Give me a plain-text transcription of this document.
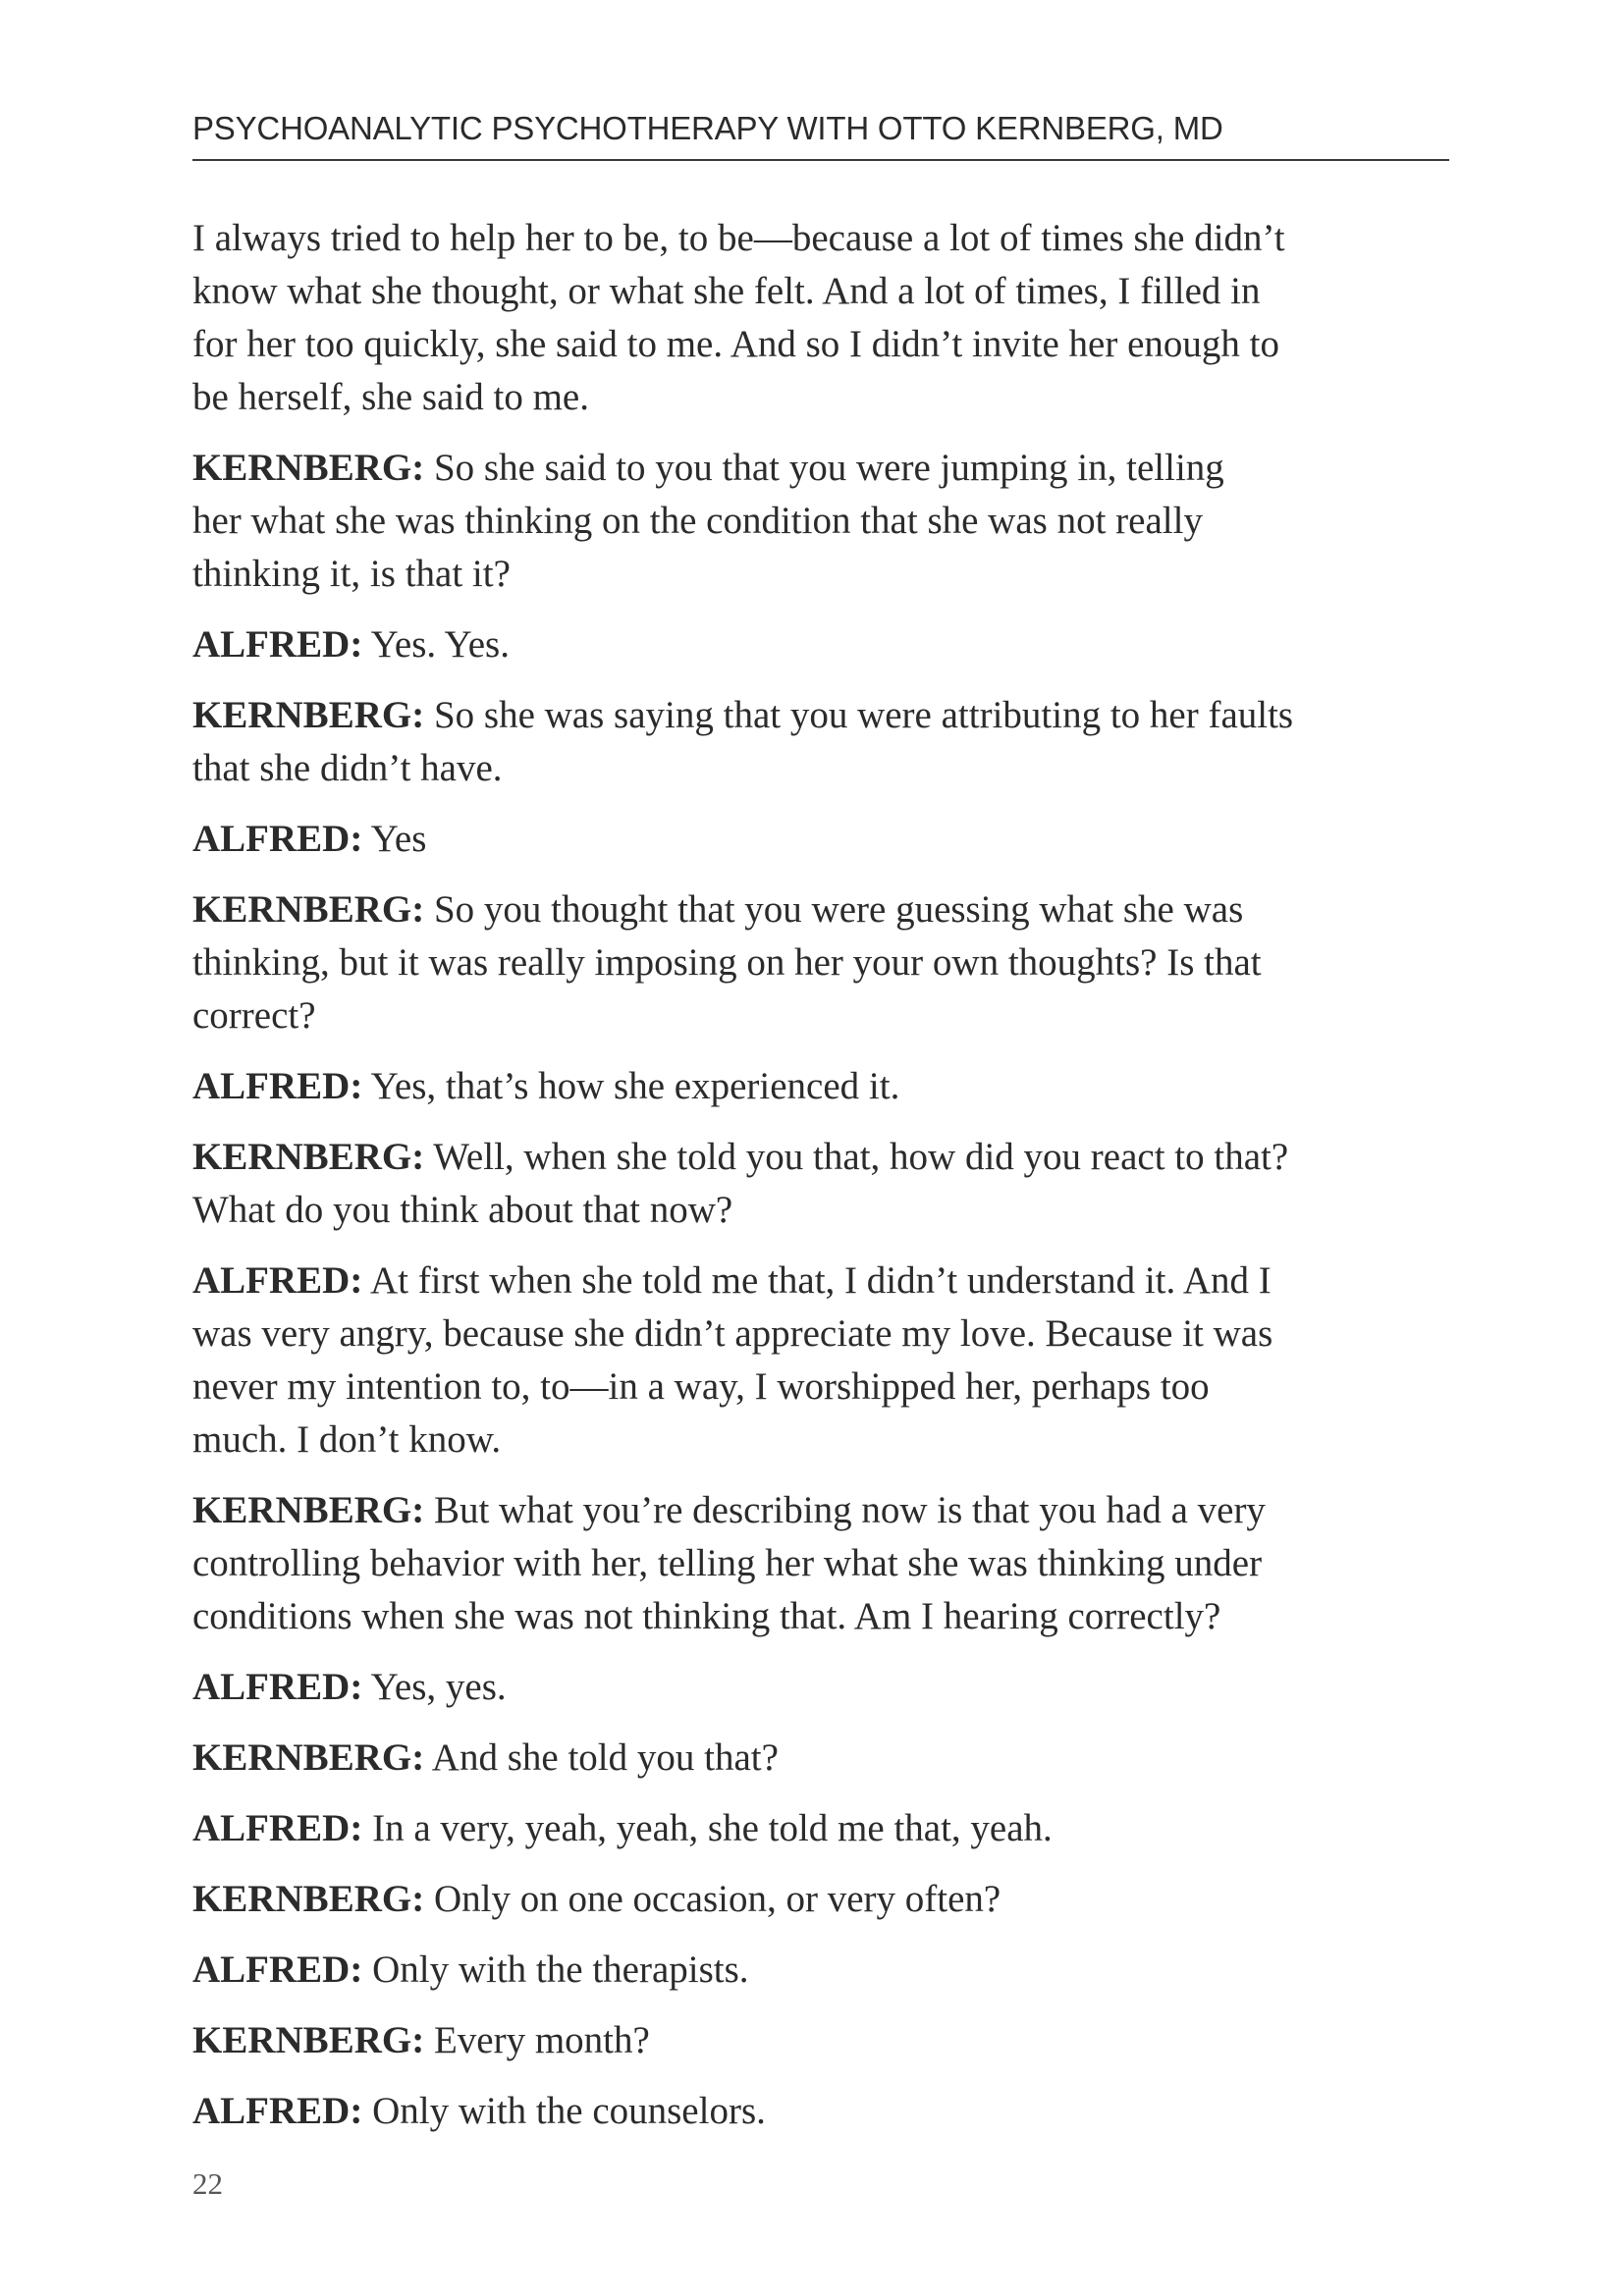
PSYCHOANALYTIC PSYCHOTHERAPY WITH OTTO KERNBERG, MD

I always tried to help her to be, to be—because a lot of times she didn’t
know what she thought, or what she felt. And a lot of times, I filled in
for her too quickly, she said to me. And so I didn’t invite her enough to
be herself, she said to me.

KERNBERG: So she said to you that you were jumping in, telling
her what she was thinking on the condition that she was not really
thinking it, is that it?

ALFRED: Yes. Yes.

KERNBERG: So she was saying that you were attributing to her faults
that she didn’t have.

ALFRED: Yes

KERNBERG: So you thought that you were guessing what she was
thinking, but it was really imposing on her your own thoughts? Is that
correct?

ALFRED: Yes, that’s how she experienced it.

KERNBERG: Well, when she told you that, how did you react to that?
What do you think about that now?

ALFRED: At first when she told me that, I didn’t understand it. And I
was very angry, because she didn’t appreciate my love. Because it was
never my intention to, to—in a way, I worshipped her, perhaps too
much. I don’t know.

KERNBERG: But what you’re describing now is that you had a very
controlling behavior with her, telling her what she was thinking under
conditions when she was not thinking that. Am I hearing correctly?

ALFRED: Yes, yes.

KERNBERG: And she told you that?

ALFRED: In a very, yeah, yeah, she told me that, yeah.

KERNBERG: Only on one occasion, or very often?

ALFRED: Only with the therapists.

KERNBERG: Every month?

ALFRED: Only with the counselors.

22
